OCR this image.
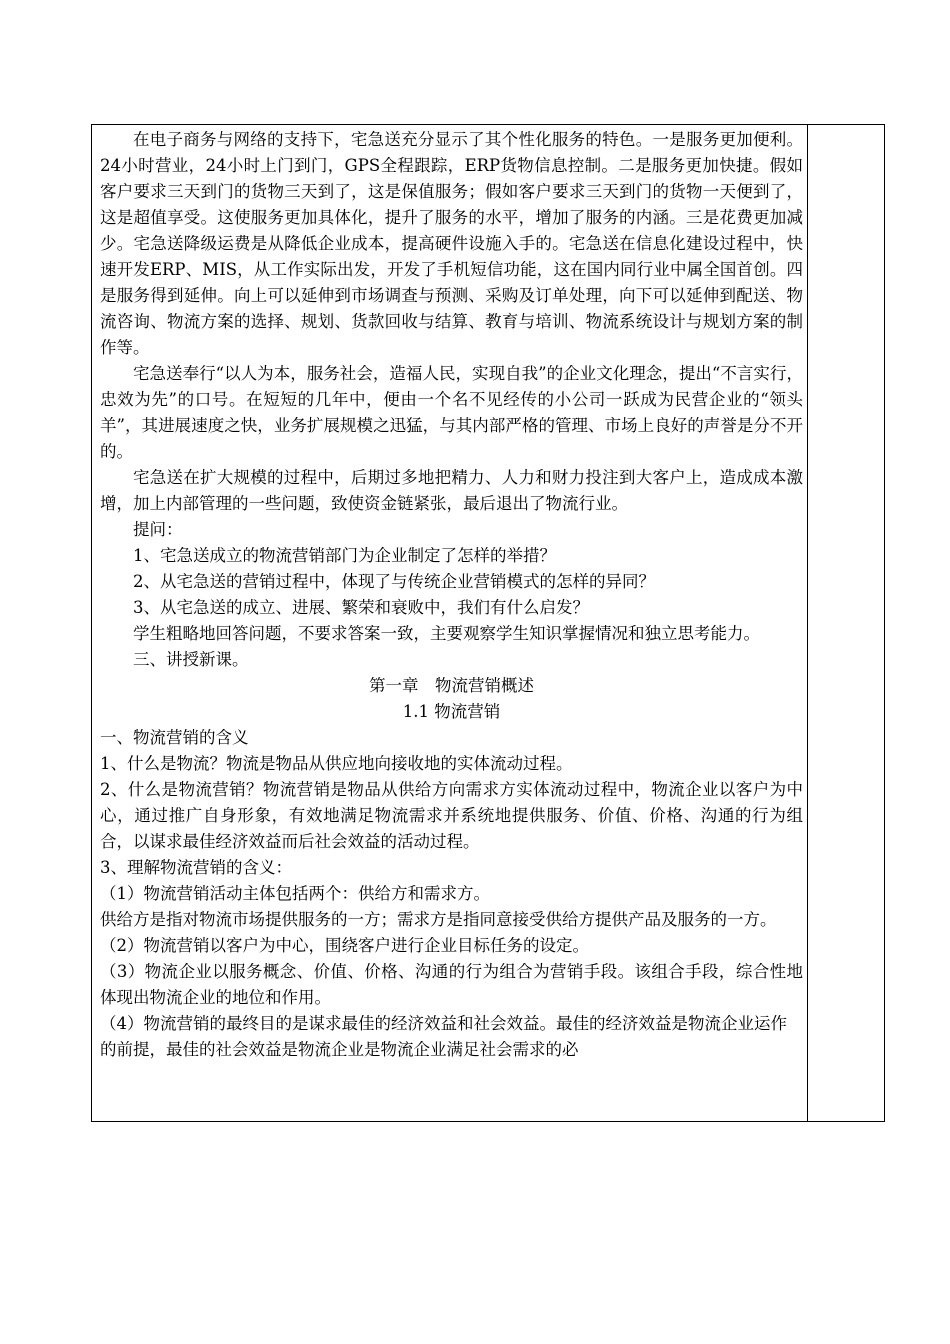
在电子商务与网络的支持下，宅急送充分显示了其个性化服务的特色。一是服务更加便利。24小时营业，24小时上门到门，GPS全程跟踪，ERP货物信息控制。二是服务更加快捷。假如客户要求三天到门的货物三天到了，这是保值服务；假如客户要求三天到门的货物一天便到了，这是超值享受。这使服务更加具体化，提升了服务的水平，增加了服务的内涵。三是花费更加减少。宅急送降级运费是从降低企业成本，提高硬件设施入手的。宅急送在信息化建设过程中，快速开发ERP、MIS，从工作实际出发，开发了手机短信功能，这在国内同行业中属全国首创。四是服务得到延伸。向上可以延伸到市场调查与预测、采购及订单处理，向下可以延伸到配送、物流咨询、物流方案的选择、规划、货款回收与结算、教育与培训、物流系统设计与规划方案的制作等。

宅急送奉行“以人为本，服务社会，造福人民，实现自我”的企业文化理念，提出“不言实行，忠效为先”的口号。在短短的几年中，便由一个名不见经传的小公司一跃成为民营企业的“领头羊”，其进展速度之快，业务扩展规模之迅猛，与其内部严格的管理、市场上良好的声誉是分不开的。

宅急送在扩大规模的过程中，后期过多地把精力、人力和财力投注到大客户上，造成成本激增，加上内部管理的一些问题，致使资金链紧张，最后退出了物流行业。

提问：

1、宅急送成立的物流营销部门为企业制定了怎样的举措？

2、从宅急送的营销过程中，体现了与传统企业营销模式的怎样的异同？

3、从宅急送的成立、进展、繁荣和衰败中，我们有什么启发？

学生粗略地回答问题，不要求答案一致，主要观察学生知识掌握情况和独立思考能力。

三、讲授新课。

第一章　物流营销概述

1.1 物流营销

一、物流营销的含义

1、什么是物流？物流是物品从供应地向接收地的实体流动过程。

2、什么是物流营销？物流营销是物品从供给方向需求方实体流动过程中，物流企业以客户为中心，通过推广自身形象，有效地满足物流需求并系统地提供服务、价值、价格、沟通的行为组合，以谋求最佳经济效益而后社会效益的活动过程。

3、理解物流营销的含义：

（1）物流营销活动主体包括两个：供给方和需求方。

供给方是指对物流市场提供服务的一方；需求方是指同意接受供给方提供产品及服务的一方。

（2）物流营销以客户为中心，围绕客户进行企业目标任务的设定。

（3）物流企业以服务概念、价值、价格、沟通的行为组合为营销手段。该组合手段，综合性地体现出物流企业的地位和作用。

（4）物流营销的最终目的是谋求最佳的经济效益和社会效益。最佳的经济效益是物流企业运作的前提，最佳的社会效益是物流企业是物流企业满足社会需求的必
